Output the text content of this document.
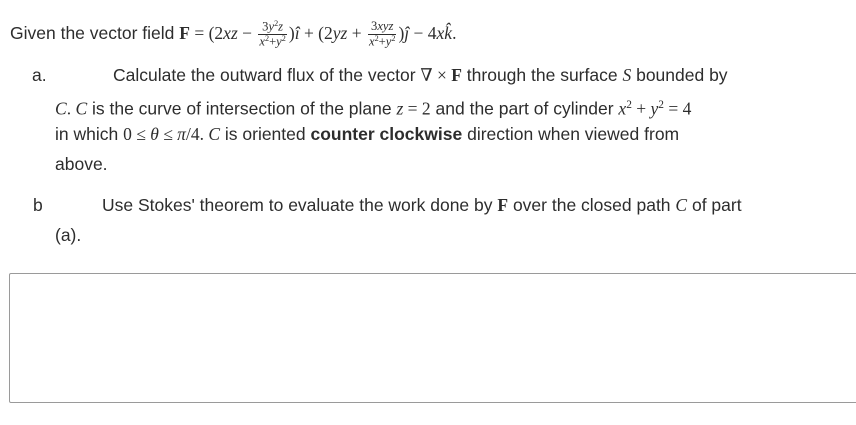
Given the vector field $F = (2xz - \frac{3y^2z}{x^2+y^2}$ )î + ($2yz + \frac{\text{3xyz}}{x^2+y^2}$ )ĵ − 4xk̂.
a.	Calculate the outward flux of the vector ∇ × F through the surface S bounded by
C. C is the curve of intersection of the plane z = 2 and the part of cylinder $x^2 + y^2 = 4$
in which 0 ≤ θ ≤ π/4. C is oriented counter clockwise direction when viewed from
above.
b	Use Stokes' theorem to evaluate the work done by F over the closed path C of part
(a).
